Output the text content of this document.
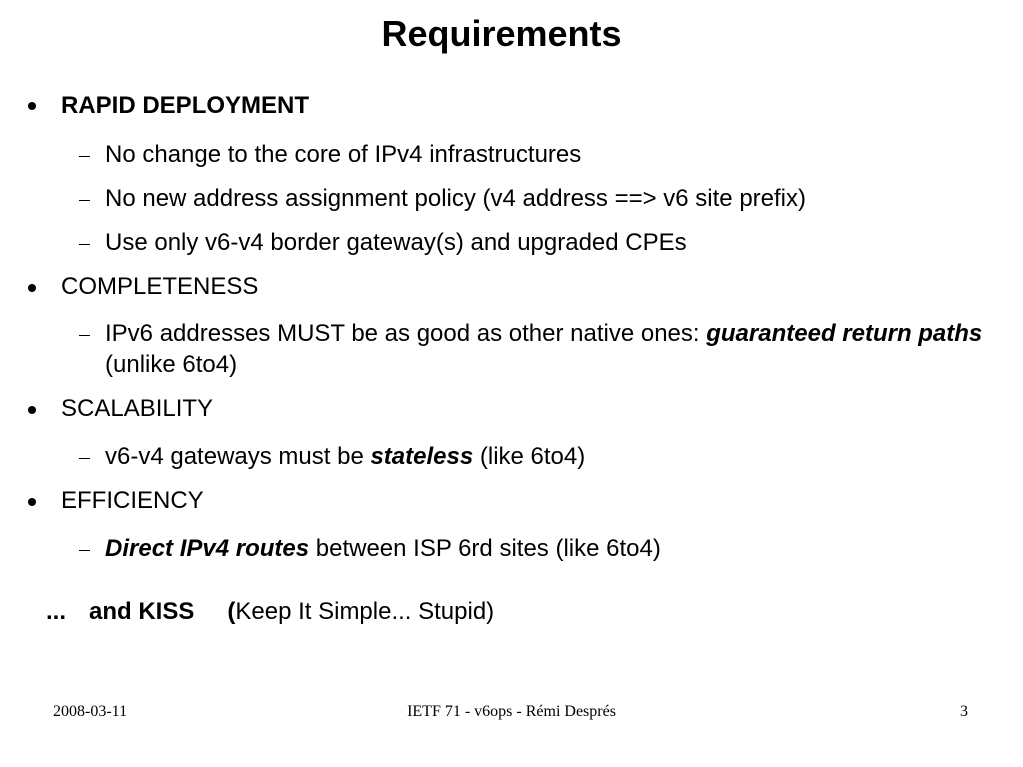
Requirements
RAPID DEPLOYMENT
No change to the core of IPv4 infrastructures
No new address assignment policy (v4 address ==> v6 site prefix)
Use only v6-v4 border gateway(s) and upgraded CPEs
COMPLETENESS
IPv6 addresses MUST be as good as other native ones: guaranteed return paths (unlike 6to4)
SCALABILITY
v6-v4 gateways must be stateless (like 6to4)
EFFICIENCY
Direct IPv4 routes between ISP 6rd sites (like 6to4)
... and KISS (Keep It Simple... Stupid)
2008-03-11	IETF 71 - v6ops - Rémi Després	3
